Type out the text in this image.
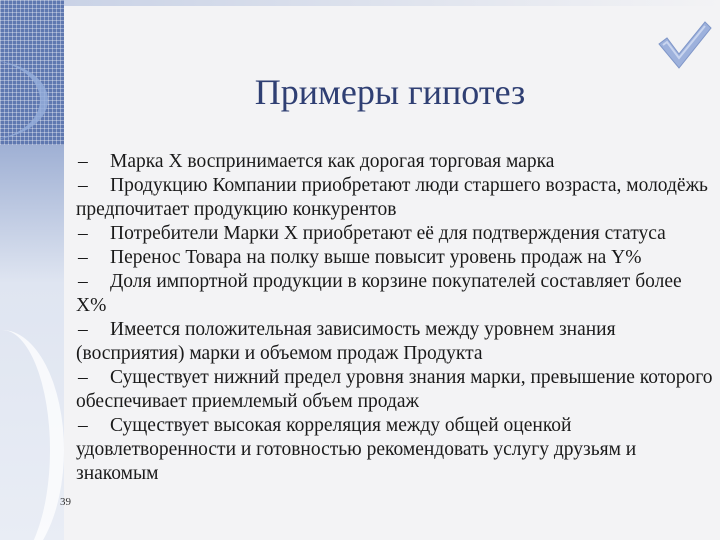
Примеры гипотез
– Марка Х воспринимается как дорогая торговая марка
– Продукцию Компании приобретают люди старшего возраста, молодёжь предпочитает продукцию конкурентов
– Потребители Марки Х приобретают её для подтверждения статуса
– Перенос Товара на полку выше повысит уровень продаж на Y%
– Доля импортной продукции в корзине покупателей составляет более X%
– Имеется положительная зависимость между уровнем знания (восприятия) марки и объемом продаж Продукта
– Существует нижний предел уровня знания марки, превышение которого обеспечивает приемлемый объем продаж
– Существует высокая корреляция между общей оценкой удовлетворенности и готовностью рекомендовать услугу друзьям и знакомым
39
